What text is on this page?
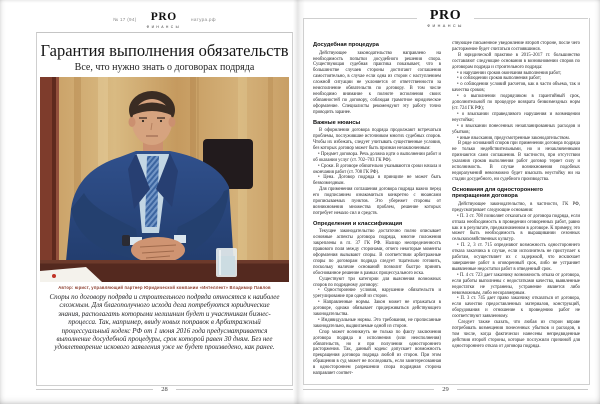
№ 17 (94) PRO
ФИНАНСЫ
натура.рф
Гарантия выполнения обязательств
Все, что нужно знать о договорах подряда
Автор: юрист, управляющий партнер Юридической компании «Интеллект» Владимир Павлов
Споры по договору подряда и строительного подряда относятся к наиболее сложным. Для благополучного исхода дела потребуются юридические знания, располагать которыми нелишним будет и участникам бизнес-процесса. Так, например, ввиду новых поправок в Арбитражный процессуальный кодекс РФ от 1 июня 2016 года предусматривается выполнение досудебной процедуры, срок которой равен 30 дням. Без нее удовлетворение искового заявления уже не будет произведено, как ранее.
28
PRO
ФИНАНСЫ
Досудебная процедура
Действующее законодательство направлено на необходимость попытки досудебного решения спора. Существующая судебная практика показывает, что в большинстве случаев стороны достигают соглашения самостоятельно, в случае если одна из сторон с наступлением сложной ситуации не уклоняется от ответственности за неисполнение обязательств по договору. В том числе необходимо внимание к полноте исполнения своих обязанностей по договору, соблюдая грамотное юридическое оформление. Специалисты рекомендуют эту работу точно проводить заранее.
Важные нюансы
В оформлении договора подряда продолжают встречаться проблемы, послужившие источником многих судебных споров. Чтобы их избежать, следует учитывать существенные условия, без которых договор может быть признан незаключенным:
• Предмет договора. Речь должна идти о выполнении работ и об оказании услуг (ст. 702–703 ГК РФ).
• Сроки. В договоре обязательно указываются сроки начала и окончания работ (ст. 708 ГК РФ).
• Цена. Договор подряда в принципе не может быть безвозмездным.
Для применения соглашения договора подряда важно перед его подписанием ознакомиться конкретно с нюансами прописываемых пунктов. Это убережет стороны от возникновения множества проблем, решение которых потребует немало сил и средств.
Определения и классификация
Текущее законодательство достаточно полно описывает основные аспекты договора подряда, многие положения закреплены в гл. 37 ГК РФ. Налицо неопределенность правового поля между сторонами, отчего некоторые моменты оформления вызывают споры. В соответствии арбитражные споры по договорам подряда следует тщательно готовить, поскольку наличие оснований позволит быстро принять обоснованное решение в рамках процессуального иска.
Существуют три категории для выяснения возможных споров по подрядному договору:
• Односторонние условия, нарушение обязательств и урегулирование при одной из сторон.
• Направленные нормы. Закон может не отражаться в договоре, однако обязывает придерживаться действующего законодательства.
• Индивидуальные нормы. Это требования, не прописанные законодательно, выдвигаемые одной из сторон.
Спор может возникнуть не только по факту заключения договора подряда и исполнения (или неисполнения) обязательств, но и при получении одностороннего расторжения. Так, данный кодекс допускает возможность прекращения договора подряда любой из сторон. При этом обращения в суд может не последовать, если заинтересованная в одностороннем разрешении спора подрядная сторона направляет соответ-
ствующее письменное уведомление второй стороне, после чего расторжение будет считаться состоявшимся.
В юридической практике в 2015–2017 гг. большинство составляют следующие основания в возникновении споров по договорам подряда и строительного подряда:
• о нарушении сроков окончания выполнения работ;
• о соблюдении сроков выполнения работ;
• о соблюдении условий расчетов, как в части объема, так и качества сроков;
• о выполнении подрядчиком в гарантийный срок, дополнительной по процедуре возврата безвозмездных норм (ст. 724 ГК РФ);
• о взыскании справедливого нарушения и возмещении неустойки;
• о взыскании понесенных незапланированных расходов и убытков;
• иные взыскания, предусмотренные законодательством.
В ряде оснований споров при применении договора подряда не только недействительными, но и незаключенными признаются сами соглашения. В частности, при отсутствии указания сроков выполнения работ договор теряет силу и исполнимость. В случае возникновения подобных недоразумений невозможно будет взыскать неустойку ни на стадии досудебного, ни судебного производства.
Основания для одностороннего прекращения договора
Действующее законодательство, в частности, ГК РФ, предусматривает следующие основания:
• П. 3 ст. 708 позволяет отказаться от договора подряда, если отпала необходимость в проведении оговоренных работ, равно как и в результате, предназначенном в договоре. К примеру, это может быть необходимость в выращивании сезонных сельскохозяйственных культур.
• П. 2, 3 ст. 715 определяют возможность одностороннего отказа заказчика в случае, если исполнитель не приступает к работам, осуществляет их с задержкой, что исключает завершение работ в оговоренный срок, либо не устраняет выявленные недостатки работ в отведенный срок.
• П. 4 ст. 723 дает заказчику возможность отказа от договора, если работы выполнены с недостатками качества, выявленные недостатки не устранены, устранение является либо невозможным, либо несоразмерным.
• П. 3 ст. 745 дает право заказчику отказаться от договора, если качество предоставленных материалов, конструкций, оборудования и отношение к проведению работ не соответствуют заявленному.
Следует также сказать, что любая из сторон вправе потребовать возмещения понесенных убытков и расходов, в том числе, когда фактически нанесены непредвиденные действия второй стороны, которые послужили причиной для одностороннего отказа от договора подряда.
29
